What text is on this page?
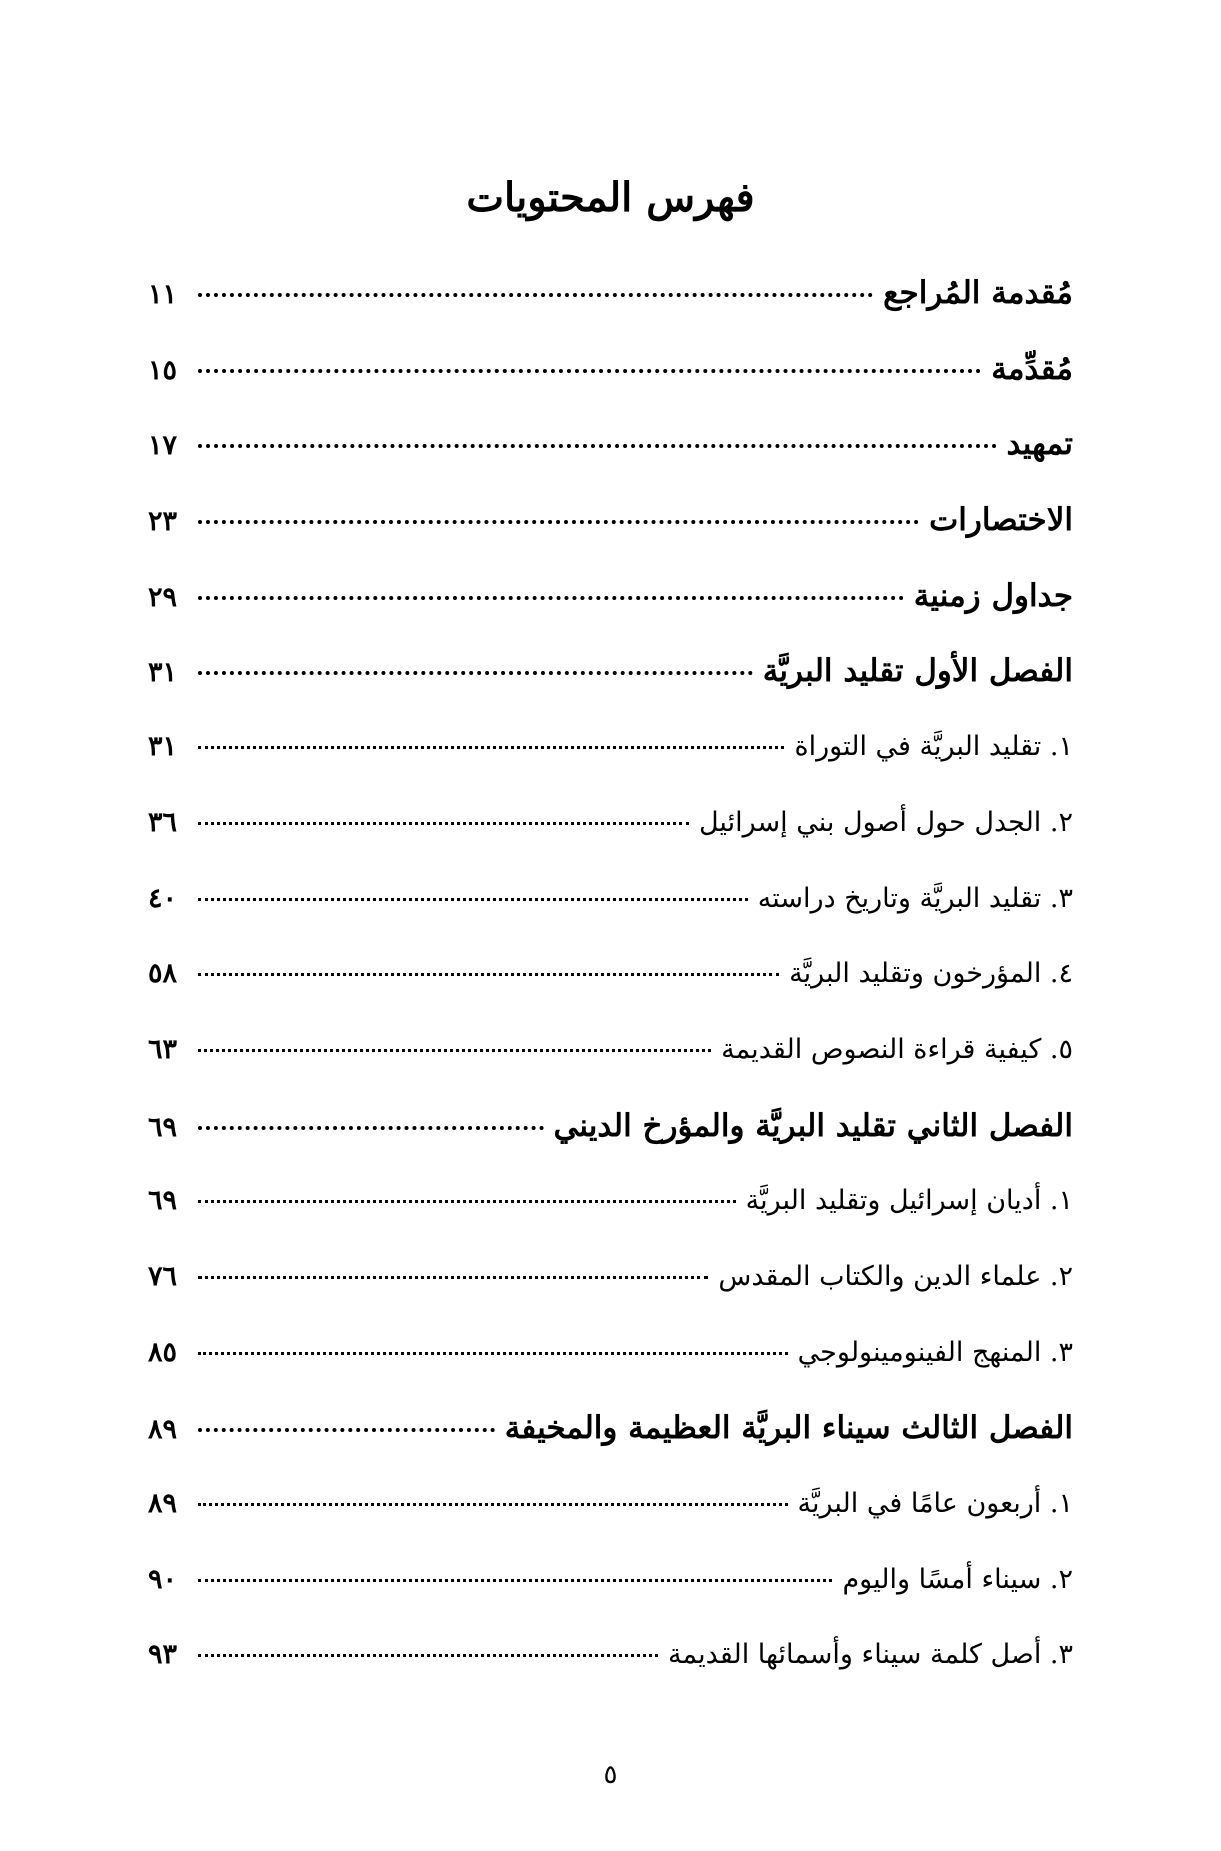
فهرس المحتويات
مُقدمة المُراجع
١١
مُقدِّمة
١٥
تمهيد
١٧
الاختصارات
٢٣
جداول زمنية
٢٩
الفصل الأول تقليد البريَّة
٣١
١. تقليد البريَّة في التوراة
٣١
٢. الجدل حول أصول بني إسرائيل
٣٦
٣. تقليد البريَّة وتاريخ دراسته
٤٠
٤. المؤرخون وتقليد البريَّة
٥٨
٥. كيفية قراءة النصوص القديمة
٦٣
الفصل الثاني تقليد البريَّة والمؤرخ الديني
٦٩
١. أديان إسرائيل وتقليد البريَّة
٦٩
٢. علماء الدين والكتاب المقدس
٧٦
٣. المنهج الفينومينولوجي
٨٥
الفصل الثالث سيناء البريَّة العظيمة والمخيفة
٨٩
١. أربعون عامًا في البريَّة
٨٩
٢. سيناء أمسًا واليوم
٩٠
٣. أصل كلمة سيناء وأسمائها القديمة
٩٣
٥
